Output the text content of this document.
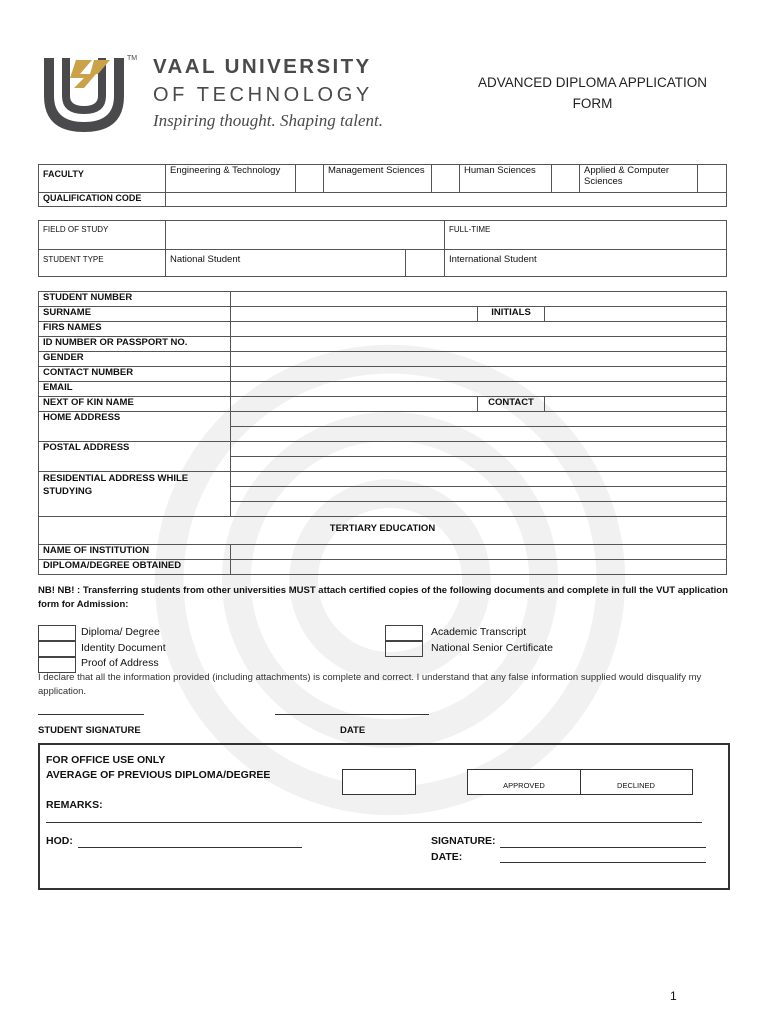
TM VAAL UNIVERSITY
OF TECHNOLOGY
Inspiring thought. Shaping talent.
ADVANCED DIPLOMA APPLICATION
FORM
FACULTY	Engineering & Technology		Management Sciences		Human Sciences		Applied & Computer Sciences	
QUALIFICATION CODE								
FIELD OF STUDY			FULL-TIME
STUDENT TYPE	National Student		International Student
STUDENT NUMBER			
SURNAME		INITIALS	
FIRS NAMES			
ID NUMBER OR PASSPORT NO.			
GENDER			
CONTACT NUMBER			
EMAIL			
NEXT OF KIN NAME		CONTACT	
HOME ADDRESS			

POSTAL ADDRESS			

RESIDENTIAL ADDRESS WHILE STUDYING			

TERTIARY EDUCATION			
NAME OF INSTITUTION			
DIPLOMA/DEGREE OBTAINED			
NB! NB! : Transferring students from other universities MUST attach certified copies of the following documents and complete in full the VUT application form for Admission:
Diploma/ Degree
Identity Document
Proof of Address
Academic Transcript
National Senior Certificate
I declare that all the information provided (including attachments) is complete and correct. I understand that any false information supplied would disqualify my application.
STUDENT SIGNATURE	DATE
FOR OFFICE USE ONLY
AVERAGE OF PREVIOUS DIPLOMA/DEGREE
APPROVED	DECLINED
REMARKS:
HOD:	SIGNATURE:
DATE:
1
